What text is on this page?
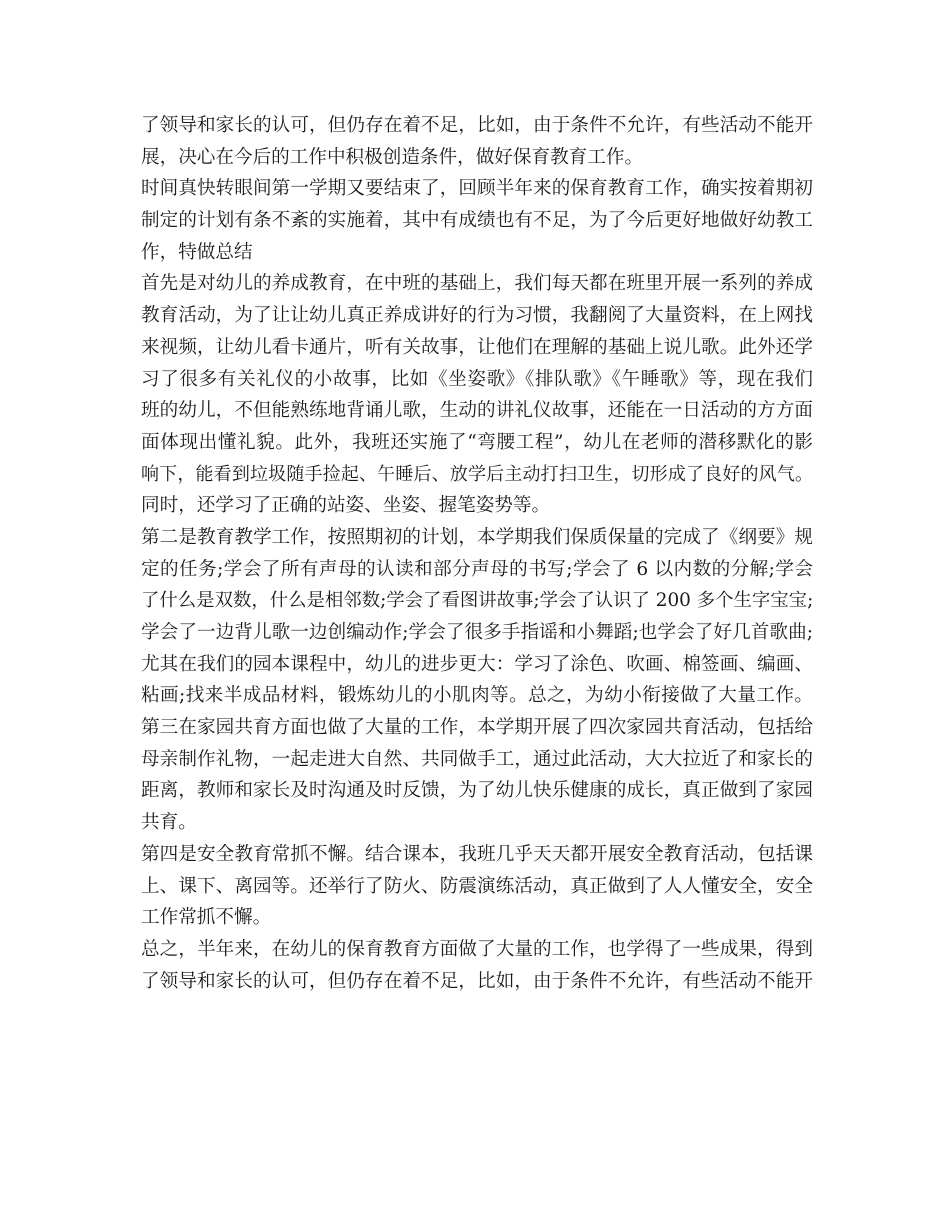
了领导和家长的认可，但仍存在着不足，比如，由于条件不允许，有些活动不能开
展，决心在今后的工作中积极创造条件，做好保育教育工作。
时间真快转眼间第一学期又要结束了，回顾半年来的保育教育工作，确实按着期初
制定的计划有条不紊的实施着，其中有成绩也有不足，为了今后更好地做好幼教工
作，特做总结
首先是对幼儿的养成教育，在中班的基础上，我们每天都在班里开展一系列的养成
教育活动，为了让让幼儿真正养成讲好的行为习惯，我翻阅了大量资料，在上网找
来视频，让幼儿看卡通片，听有关故事，让他们在理解的基础上说儿歌。此外还学
习了很多有关礼仪的小故事，比如《坐姿歌》《排队歌》《午睡歌》等，现在我们
班的幼儿，不但能熟练地背诵儿歌，生动的讲礼仪故事，还能在一日活动的方方面
面体现出懂礼貌。此外，我班还实施了“弯腰工程”，幼儿在老师的潜移默化的影
响下，能看到垃圾随手捡起、午睡后、放学后主动打扫卫生，切形成了良好的风气。
同时，还学习了正确的站姿、坐姿、握笔姿势等。
第二是教育教学工作，按照期初的计划，本学期我们保质保量的完成了《纲要》规
定的任务;学会了所有声母的认读和部分声母的书写;学会了 6 以内数的分解;学会
了什么是双数，什么是相邻数;学会了看图讲故事;学会了认识了 200 多个生字宝宝;
学会了一边背儿歌一边创编动作;学会了很多手指谣和小舞蹈;也学会了好几首歌曲;
尤其在我们的园本课程中，幼儿的进步更大：学习了涂色、吹画、棉签画、编画、
粘画;找来半成品材料，锻炼幼儿的小肌肉等。总之，为幼小衔接做了大量工作。
第三在家园共育方面也做了大量的工作，本学期开展了四次家园共育活动，包括给
母亲制作礼物，一起走进大自然、共同做手工，通过此活动，大大拉近了和家长的
距离，教师和家长及时沟通及时反馈，为了幼儿快乐健康的成长，真正做到了家园
共育。
第四是安全教育常抓不懈。结合课本，我班几乎天天都开展安全教育活动，包括课
上、课下、离园等。还举行了防火、防震演练活动，真正做到了人人懂安全，安全
工作常抓不懈。
总之，半年来，在幼儿的保育教育方面做了大量的工作，也学得了一些成果，得到
了领导和家长的认可，但仍存在着不足，比如，由于条件不允许，有些活动不能开
